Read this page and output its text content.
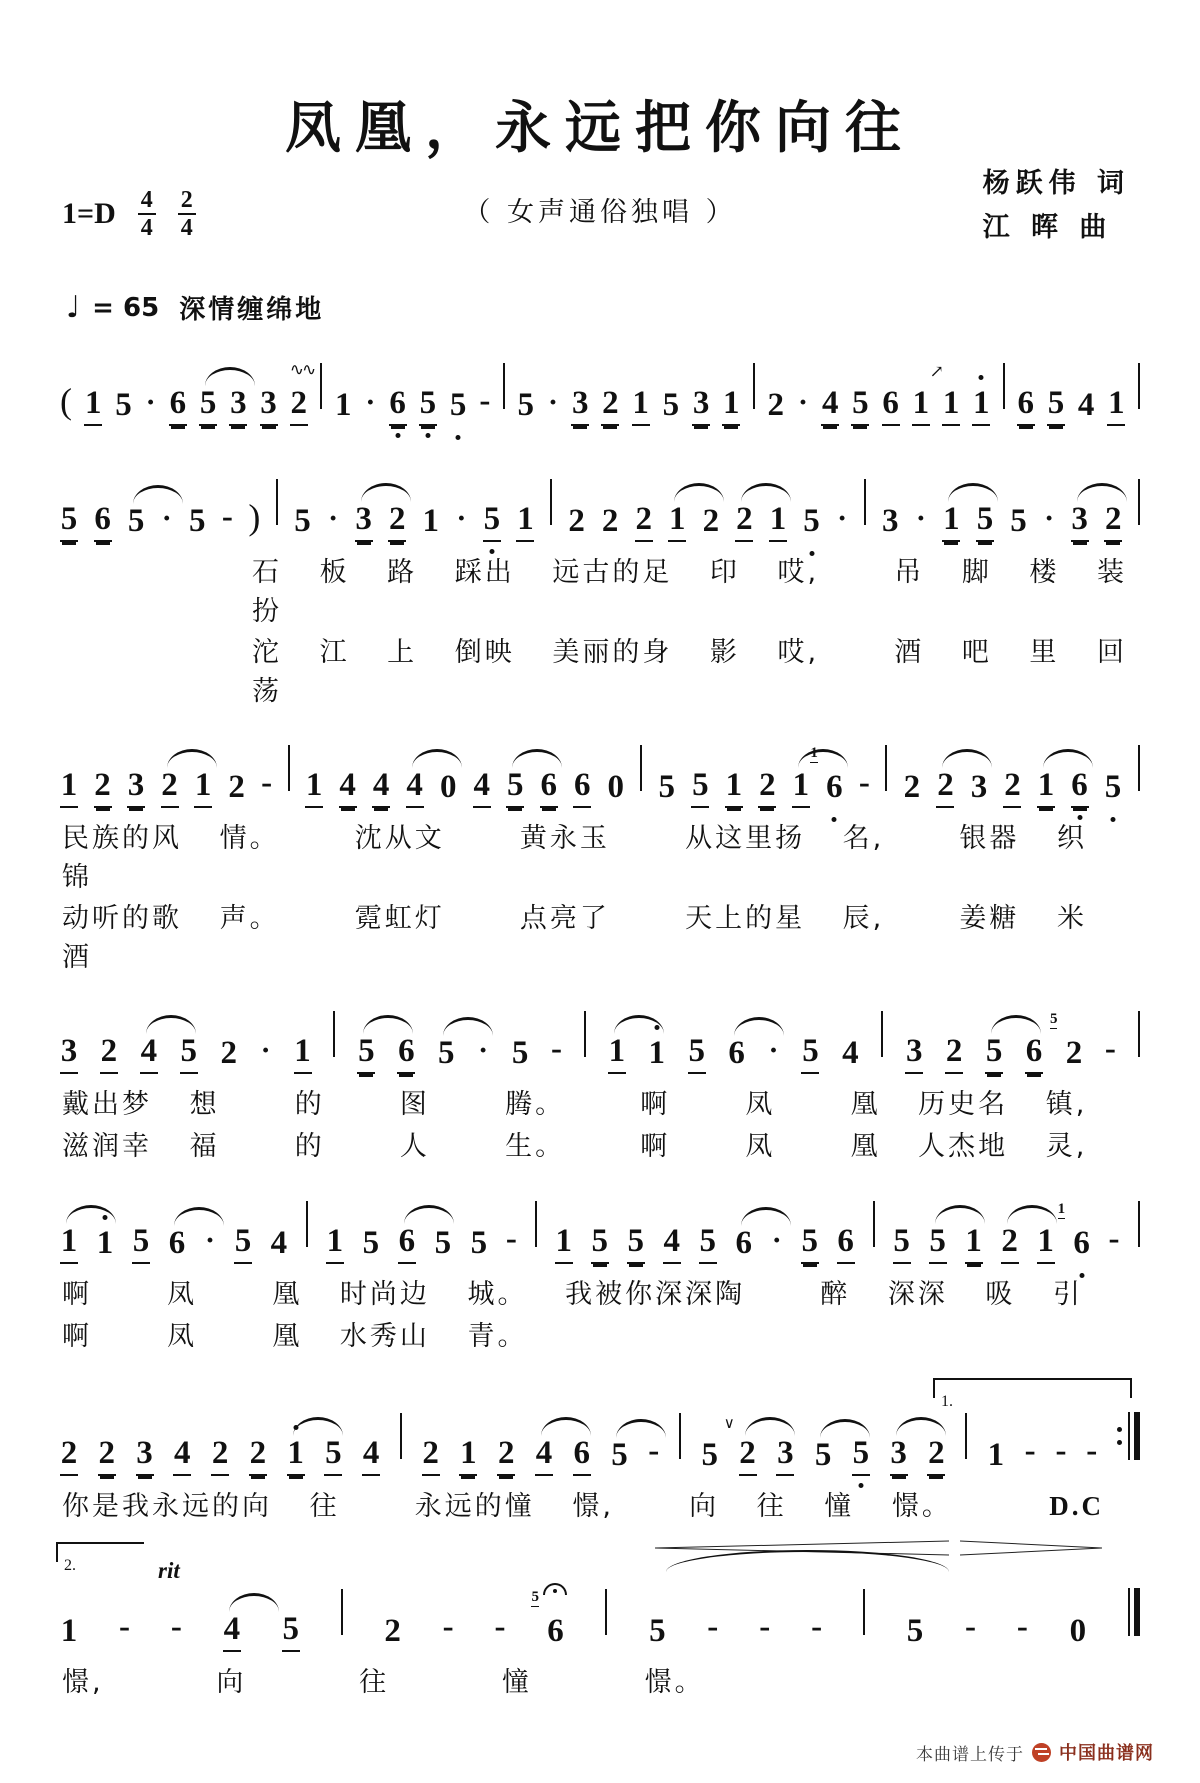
凤凰，永远把你向往
（ 女声通俗独唱 ）
杨跃伟 词
江 晖 曲
$1=D \frac{4}{4} \frac{2}{4}$
♩ = 65 深情缠绵地
( 1 5 · 6 5 3 3 2
∿∿
1 · 6 5 5 - 5 · 3 2 1 5 3 1 2 · 4 5 6 1
↗
1 1 6 5 4 1
5 6 5 · 5 - ) 5 · 3 2 1 · 5 1 2 2 2 1 2 2 1 5 · 3 · 1 5 5 · 3 2
石 板 路 踩出 远古的足 印 哎,  吊 脚 楼 装扮
沱 江 上 倒映 美丽的身 影 哎,  酒 吧 里 回荡
1 2 3 2 1 2 - 1 4 4 4 0 4 5 6 6 0 5 5 1 2 1 6
1
- 2 2 3 2 1 6 5
民族的风 情。  沈从文  黄永玉  从这里扬 名,  银器 织  锦
动听的歌 声。  霓虹灯  点亮了  天上的星 辰,  姜糖 米  酒
3 2 4 5 2 · 1 5 6 5 · 5 - 1 1 5 6 · 5 4 3 2 5 6 2
5
-
戴出梦 想  的  图  腾。  啊  凤  凰 历史名 镇,
滋润幸 福  的  人  生。  啊  凤  凰 人杰地 灵,
1 1 5 6 · 5 4 1 5 6 5 5 - 1 5 5 4 5 6 · 5 6 5 5 1 2 1 6
1
-
啊  凤  凰 时尚边 城。 我被你深深陶  醉 深深 吸 引
啊  凤  凰 水秀山 青。
2 2 3 4 2 2 1 5 4 2 1 2 4 6 5 - 5
∨
2 3 5 5 3 2 1 - - -
1.
你是我永远的向 往  永远的憧 憬,  向 往 憧 憬。	D.C
1 - - 4 5	2 - - 6
5
5 - - -	5 - - 0
2.	rit
憬,   向   往   憧   憬。
本曲谱上传于 中国曲谱网
